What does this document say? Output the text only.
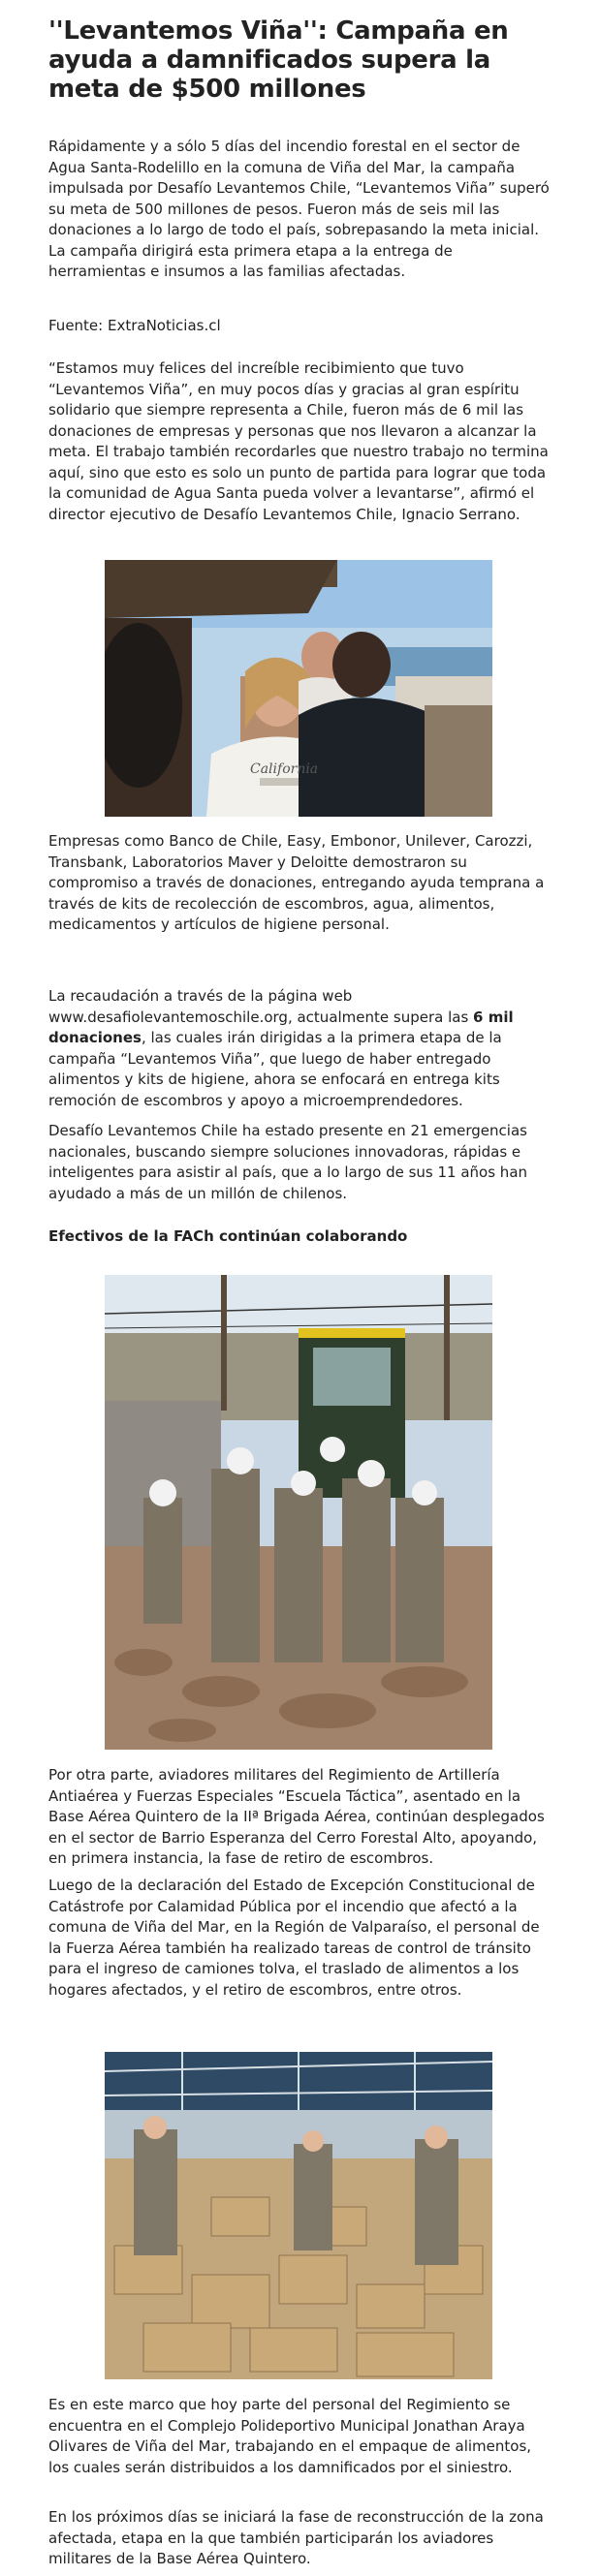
''Levantemos Viña'': Campaña en ayuda a damnificados supera la meta de $500 millones

Rápidamente y a sólo 5 días del incendio forestal en el sector de Agua Santa-Rodelillo en la comuna de Viña del Mar, la campaña impulsada por Desafío Levantemos Chile, “Levantemos Viña” superó su meta de 500 millones de pesos. Fueron más de seis mil las donaciones a lo largo de todo el país, sobrepasando la meta inicial. La campaña dirigirá esta primera etapa a la entrega de herramientas e insumos a las familias afectadas.

Fuente: ExtraNoticias.cl

“Estamos muy felices del increíble recibimiento que tuvo “Levantemos Viña”, en muy pocos días y gracias al gran espíritu solidario que siempre representa a Chile, fueron más de 6 mil las donaciones de empresas y personas que nos llevaron a alcanzar la meta. El trabajo también recordarles que nuestro trabajo no termina aquí, sino que esto es solo un punto de partida para lograr que toda la comunidad de Agua Santa pueda volver a levantarse”, afirmó el director ejecutivo de Desafío Levantemos Chile, Ignacio Serrano.

California

Empresas como Banco de Chile, Easy, Embonor, Unilever, Carozzi, Transbank, Laboratorios Maver y Deloitte demostraron su compromiso a través de donaciones, entregando ayuda temprana a través de kits de recolección de escombros, agua, alimentos, medicamentos y artículos de higiene personal.

La recaudación a través de la página web www.desafiolevantemoschile.org, actualmente supera las 6 mil donaciones, las cuales irán dirigidas a la primera etapa de la campaña “Levantemos Viña”, que luego de haber entregado alimentos y kits de higiene, ahora se enfocará en entrega kits remoción de escombros y apoyo a microemprendedores.

Desafío Levantemos Chile ha estado presente en 21 emergencias nacionales, buscando siempre soluciones innovadoras, rápidas e inteligentes para asistir al país, que a lo largo de sus 11 años han ayudado a más de un millón de chilenos.

Efectivos de la FACh continúan colaborando

Por otra parte, aviadores militares del Regimiento de Artillería Antiaérea y Fuerzas Especiales “Escuela Táctica”, asentado en la Base Aérea Quintero de la IIª Brigada Aérea, continúan desplegados en el sector de Barrio Esperanza del Cerro Forestal Alto, apoyando, en primera instancia, la fase de retiro de escombros.

Luego de la declaración del Estado de Excepción Constitucional de Catástrofe por Calamidad Pública por el incendio que afectó a la comuna de Viña del Mar, en la Región de Valparaíso, el personal de la Fuerza Aérea también ha realizado tareas de control de tránsito para el ingreso de camiones tolva, el traslado de alimentos a los hogares afectados, y el retiro de escombros, entre otros.

Es en este marco que hoy parte del personal del Regimiento se encuentra en el Complejo Polideportivo Municipal Jonathan Araya Olivares de Viña del Mar, trabajando en el empaque de alimentos, los cuales serán distribuidos a los damnificados por el siniestro.

En los próximos días se iniciará la fase de reconstrucción de la zona afectada, etapa en la que también participarán los aviadores militares de la Base Aérea Quintero.
